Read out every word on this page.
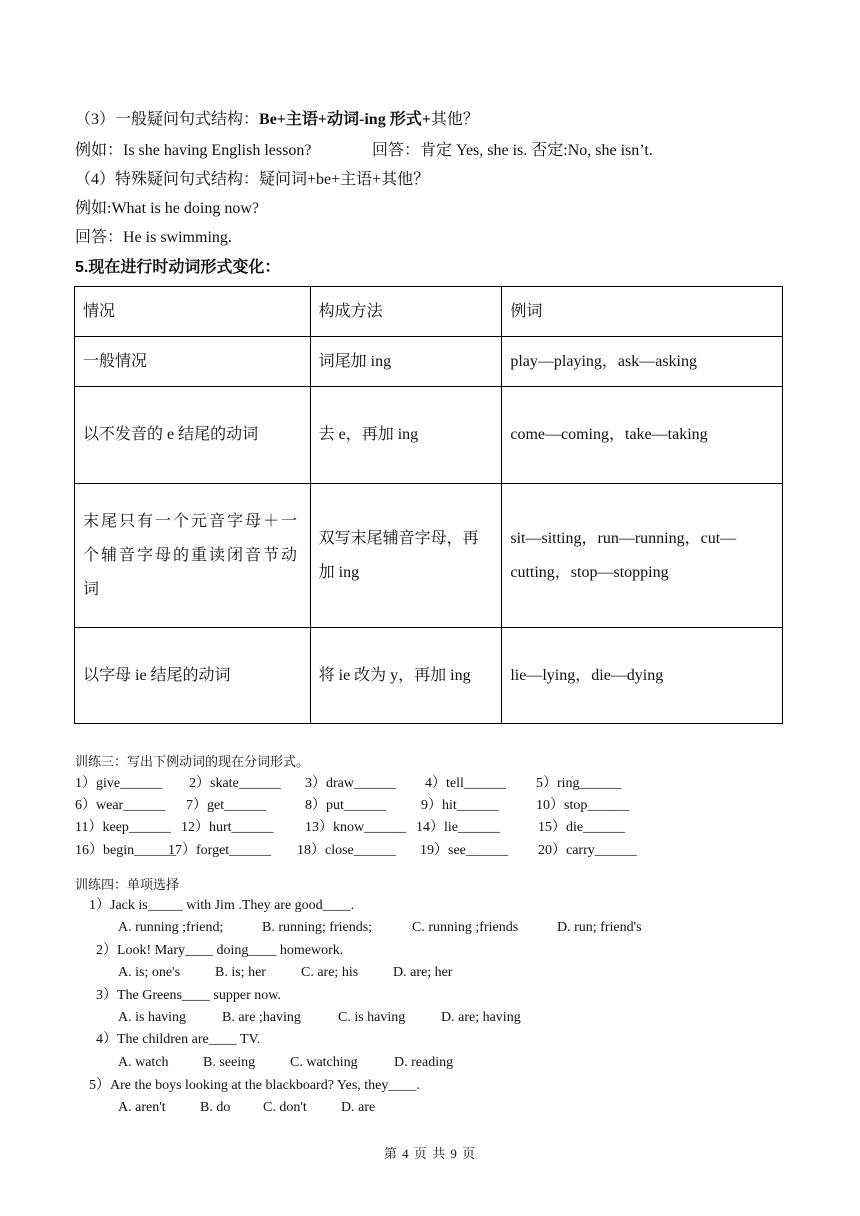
（3）一般疑问句式结构：Be+主语+动词-ing 形式+其他？
例如：Is she having English lesson?	回答：肯定 Yes, she is. 否定:No, she isn’t.
（4）特殊疑问句式结构：疑问词+be+主语+其他？
例如:What is he doing now?
回答：He is swimming.
5.现在进行时动词形式变化：
情况	构成方法	例词
一般情况	词尾加 ing	play—playing，ask—asking
以不发音的 e 结尾的动词	去 e，再加 ing	come—coming，take—taking
末尾只有一个元音字母＋一个辅音字母的重读闭音节动词	双写末尾辅音字母，再加 ing	sit—sitting，run—running，cut—cutting，stop—stopping
以字母 ie 结尾的动词	将 ie 改为 y，再加 ing	lie—lying，die—dying
训练三：写出下例动词的现在分词形式。
1）give______ 2）skate______ 3）draw______ 4）tell______ 5）ring______
6）wear______ 7）get______	8）put______	9）hit______	10）stop______
11）keep______ 12）hurt______ 13）know______ 14）lie______	15）die______
16）begin______
17）forget______ 18）close______ 19）see______ 20）carry______
训练四：单项选择
1）Jack is_____ with Jim .They are good____.
A. running ;friend;	B. running; friends;	C. running ;friends	D. run; friend's
2）Look! Mary____ doing____ homework.
A. is; one's B. is; her	C. are; his D. are; her
3）The Greens____ supper now.
A. is having	B. are ;having	C. is having	D. are; having
4）The children are____ TV.
A. watch B. seeing C. watching	D. reading
5）Are the boys looking at the blackboard? Yes, they____.
A. aren't B. do C. don't D. are
第 4 页 共 9 页
